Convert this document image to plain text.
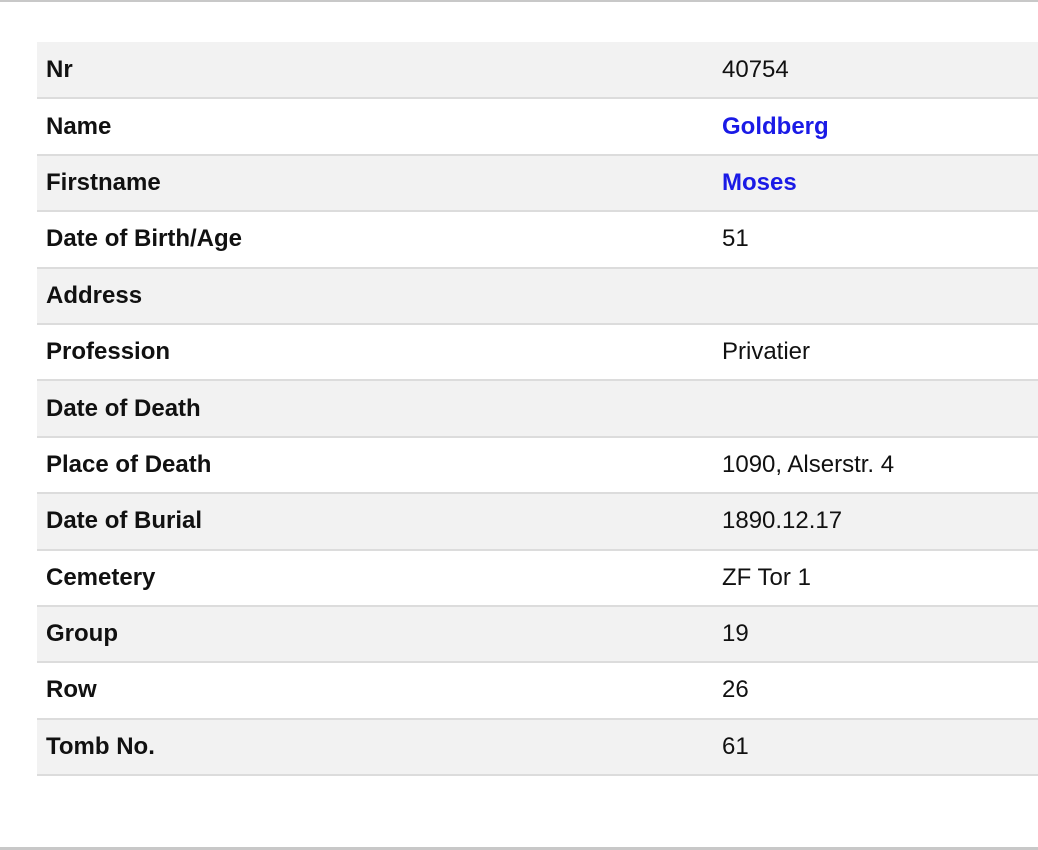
Nr	40754
Name	Goldberg
Firstname	Moses
Date of Birth/Age	51
Address	
Profession	Privatier
Date of Death	
Place of Death	1090, Alserstr. 4
Date of Burial	1890.12.17
Cemetery	ZF Tor 1
Group	19
Row	26
Tomb No.	61
